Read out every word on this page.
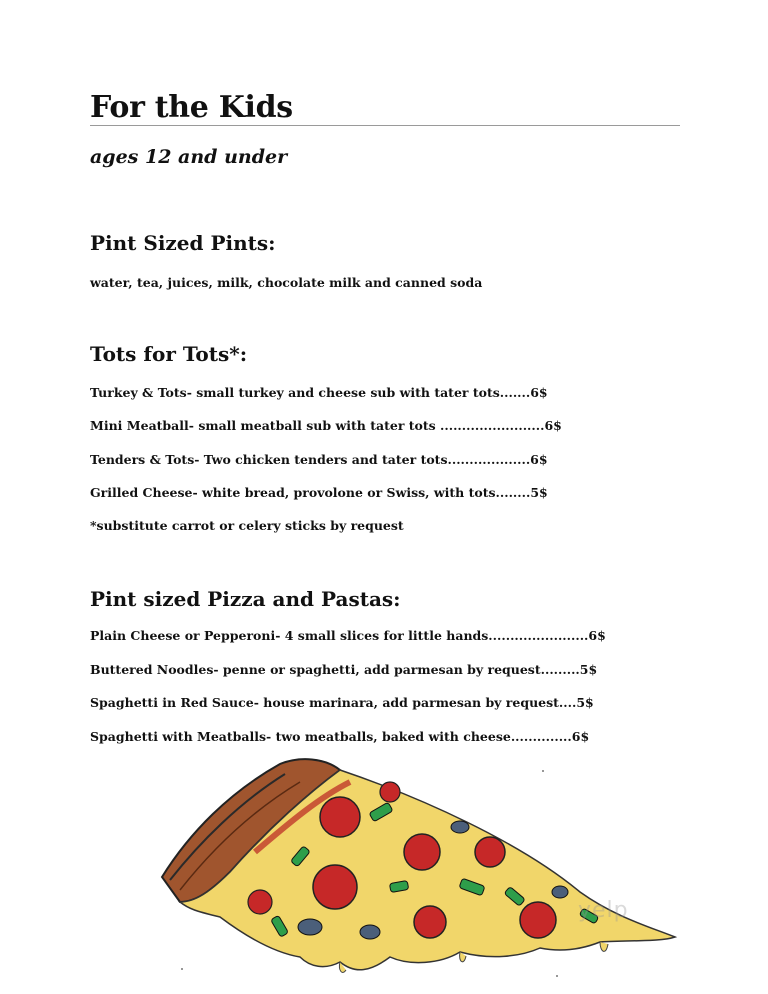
For the Kids
ages 12 and under
Pint Sized Pints:
water, tea, juices, milk, chocolate milk and canned soda
Tots for Tots*:
Turkey & Tots- small turkey and cheese sub with tater tots.......6$
Mini Meatball- small meatball sub with tater tots ........................6$
Tenders & Tots- Two chicken tenders and tater tots...................6$
Grilled Cheese- white bread, provolone or Swiss, with tots........5$
*substitute carrot or celery sticks by request
Pint sized Pizza and Pastas:
Plain Cheese or Pepperoni- 4 small slices for little hands.......................6$
Buttered Noodles- penne or spaghetti, add parmesan by request.........5$
Spaghetti in Red Sauce- house marinara, add parmesan by request....5$
Spaghetti with Meatballs- two meatballs, baked with cheese..............6$
yelp
